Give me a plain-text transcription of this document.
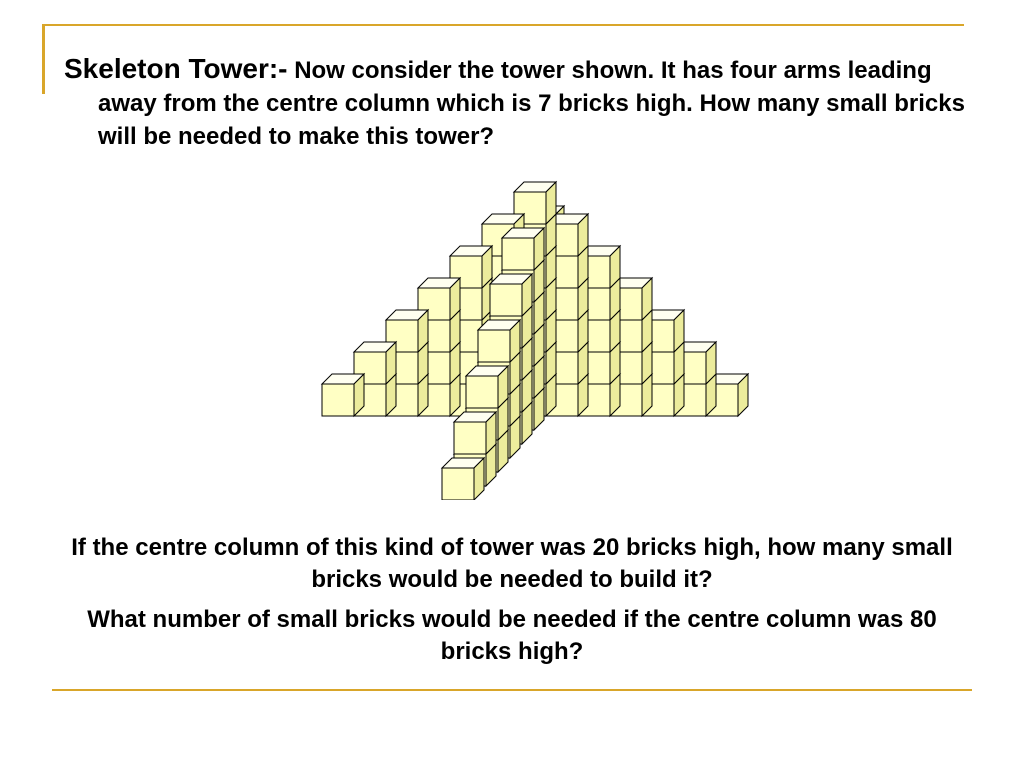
Skeleton Tower:- Now consider the tower shown. It has four arms leading away from the centre column which is 7 bricks high. How many small bricks will be needed to make this tower?
If the centre column of this kind of tower was 20 bricks high, how many small bricks would be needed to build it?
What number of small bricks would be needed if the centre column was 80 bricks high?
